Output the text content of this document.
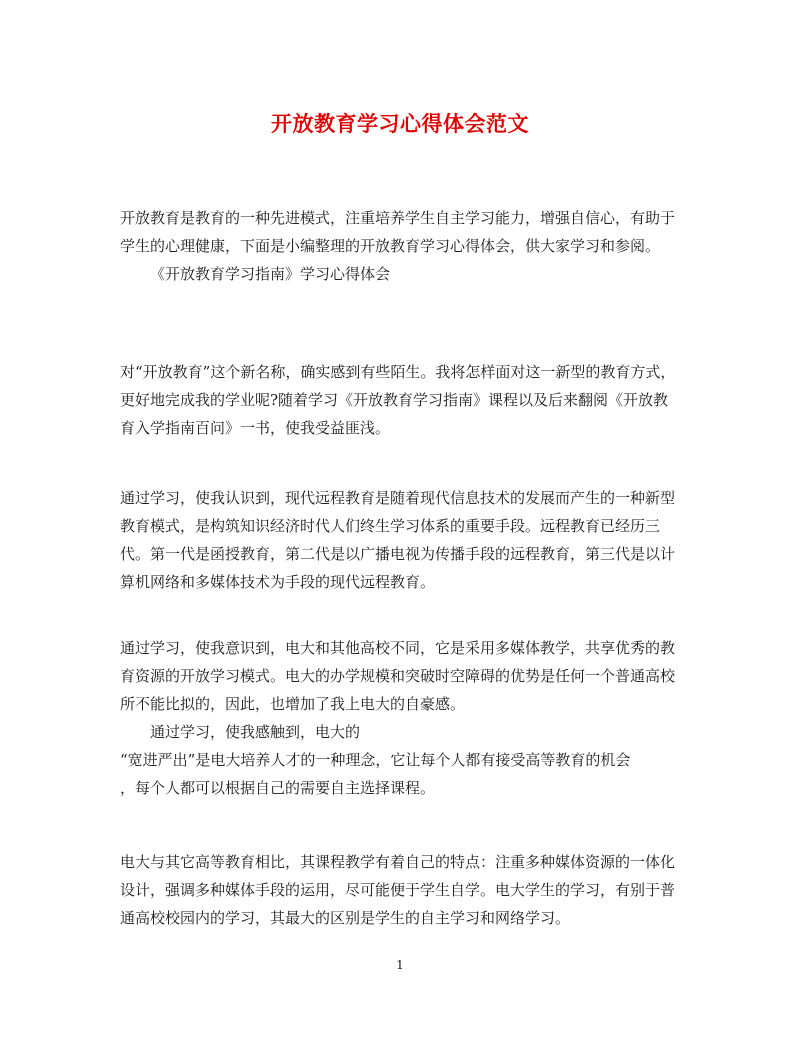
开放教育学习心得体会范文

开放教育是教育的一种先进模式，注重培养学生自主学习能力，增强自信心，有助于学生的心理健康，下面是小编整理的开放教育学习心得体会，供大家学习和参阅。

《开放教育学习指南》学习心得体会

对“开放教育”这个新名称，确实感到有些陌生。我将怎样面对这一新型的教育方式，更好地完成我的学业呢?随着学习《开放教育学习指南》课程以及后来翻阅《开放教育入学指南百问》一书，使我受益匪浅。

通过学习，使我认识到，现代远程教育是随着现代信息技术的发展而产生的一种新型教育模式，是构筑知识经济时代人们终生学习体系的重要手段。远程教育已经历三代。第一代是函授教育，第二代是以广播电视为传播手段的远程教育，第三代是以计算机网络和多媒体技术为手段的现代远程教育。

通过学习，使我意识到，电大和其他高校不同，它是采用多媒体教学，共享优秀的教育资源的开放学习模式。电大的办学规模和突破时空障碍的优势是任何一个普通高校所不能比拟的，因此，也增加了我上电大的自豪感。

通过学习，使我感触到，电大的

“宽进严出”是电大培养人才的一种理念，它让每个人都有接受高等教育的机会

，每个人都可以根据自己的需要自主选择课程。

电大与其它高等教育相比，其课程教学有着自己的特点：注重多种媒体资源的一体化设计，强调多种媒体手段的运用，尽可能便于学生自学。电大学生的学习，有别于普通高校校园内的学习，其最大的区别是学生的自主学习和网络学习。

1
